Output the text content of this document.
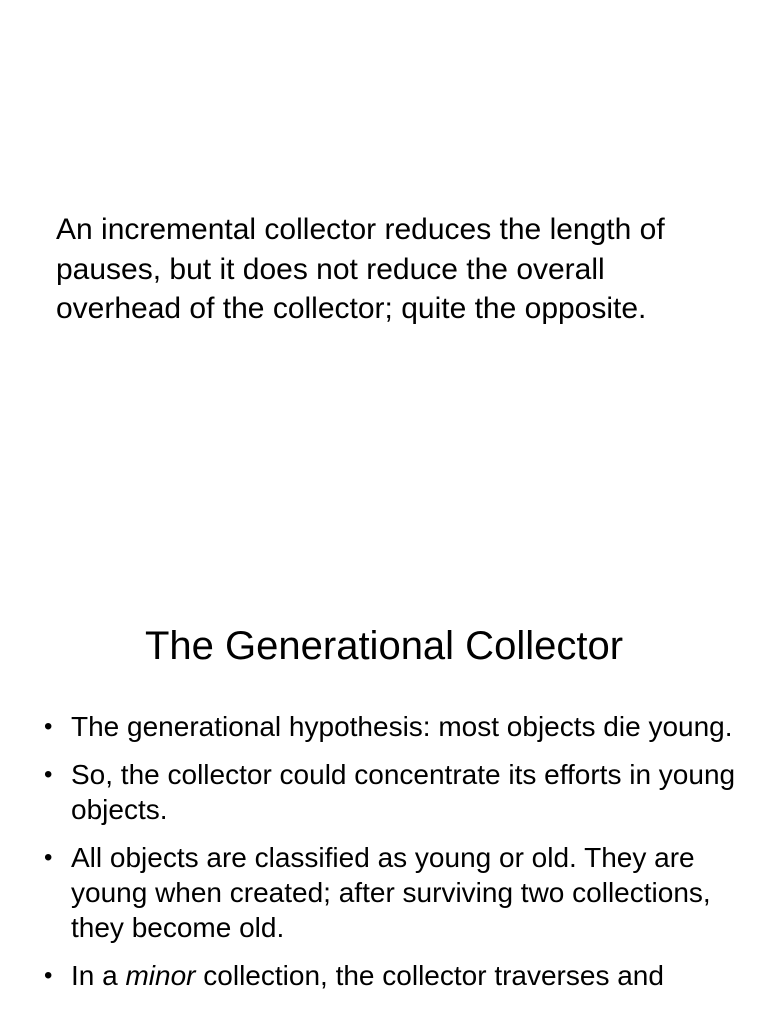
An incremental collector reduces the length of pauses, but it does not reduce the overall overhead of the collector; quite the opposite.

The Generational Collector
• The generational hypothesis: most objects die young.
• So, the collector could concentrate its efforts in young objects.
• All objects are classified as young or old. They are young when created; after surviving two collections, they become old.
• In a minor collection, the collector traverses and
